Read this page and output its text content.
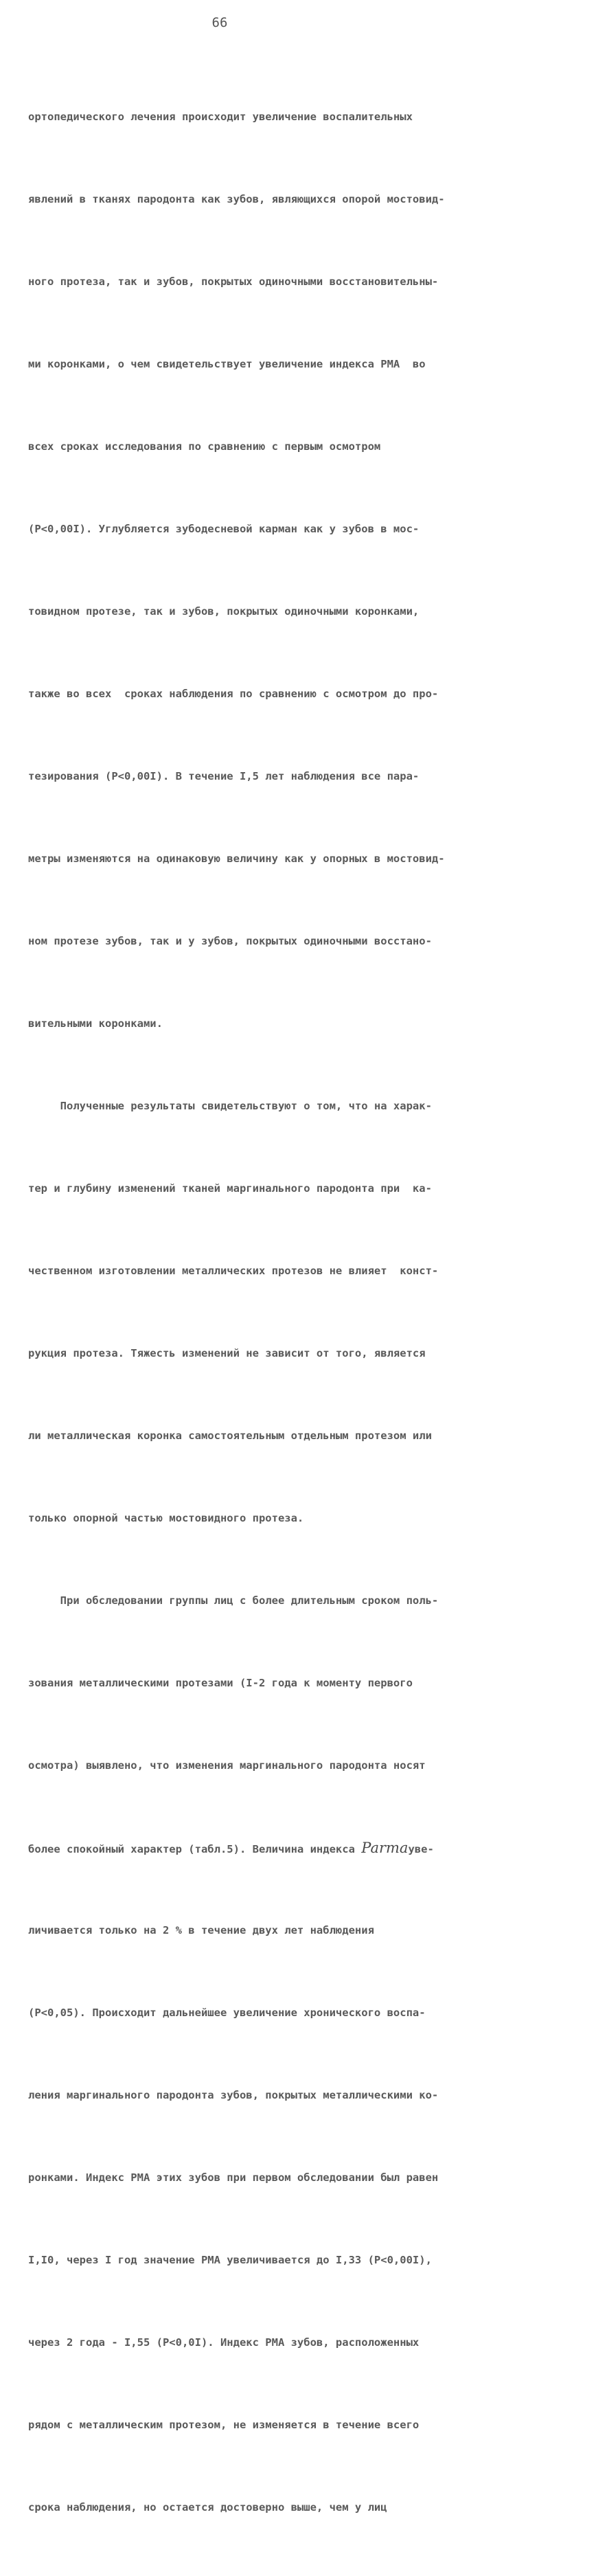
66

ортопедического лечения происходит увеличение воспалительных

явлений в тканях пародонта как зубов, являющихся опорой мостовид-

ного протеза, так и зубов, покрытых одиночными восстановительны-

ми коронками, о чем свидетельствует увеличение индекса РМА  во

всех сроках исследования по сравнению с первым осмотром

(Р<0,00I). Углубляется зубодесневой карман как у зубов в мос-

товидном протезе, так и зубов, покрытых одиночными коронками,

также во всех  сроках наблюдения по сравнению с осмотром до про-

тезирования (Р<0,00I). В течение I,5 лет наблюдения все пара-

метры изменяются на одинаковую величину как у опорных в мостовид-

ном протезе зубов, так и у зубов, покрытых одиночными восстано-

вительными коронками.

Полученные результаты свидетельствуют о том, что на харак-

тер и глубину изменений тканей маргинального пародонта при  ка-

чественном изготовлении металлических протезов не влияет  конст-

рукция протеза. Тяжесть изменений не зависит от того, является

ли металлическая коронка самостоятельным отдельным протезом или

только опорной частью мостовидного протеза.

При обследовании группы лиц с более длительным сроком поль-

зования металлическими протезами (I-2 года к моменту первого

осмотра) выявлено, что изменения маргинального пародонта носят

более спокойный характер (табл.5). Величина индекса Parmaуве-

личивается только на 2 % в течение двух лет наблюдения

(Р<0,05). Происходит дальнейшее увеличение хронического воспа-

ления маргинального пародонта зубов, покрытых металлическими ко-

ронками. Индекс РМА этих зубов при первом обследовании был равен

I,I0, через I год значение РМА увеличивается до I,33 (Р<0,00I),

через 2 года - I,55 (Р<0,0I). Индекс РМА зубов, расположенных

рядом с металлическим протезом, не изменяется в течение всего

срока наблюдения, но остается достоверно выше, чем у лиц
